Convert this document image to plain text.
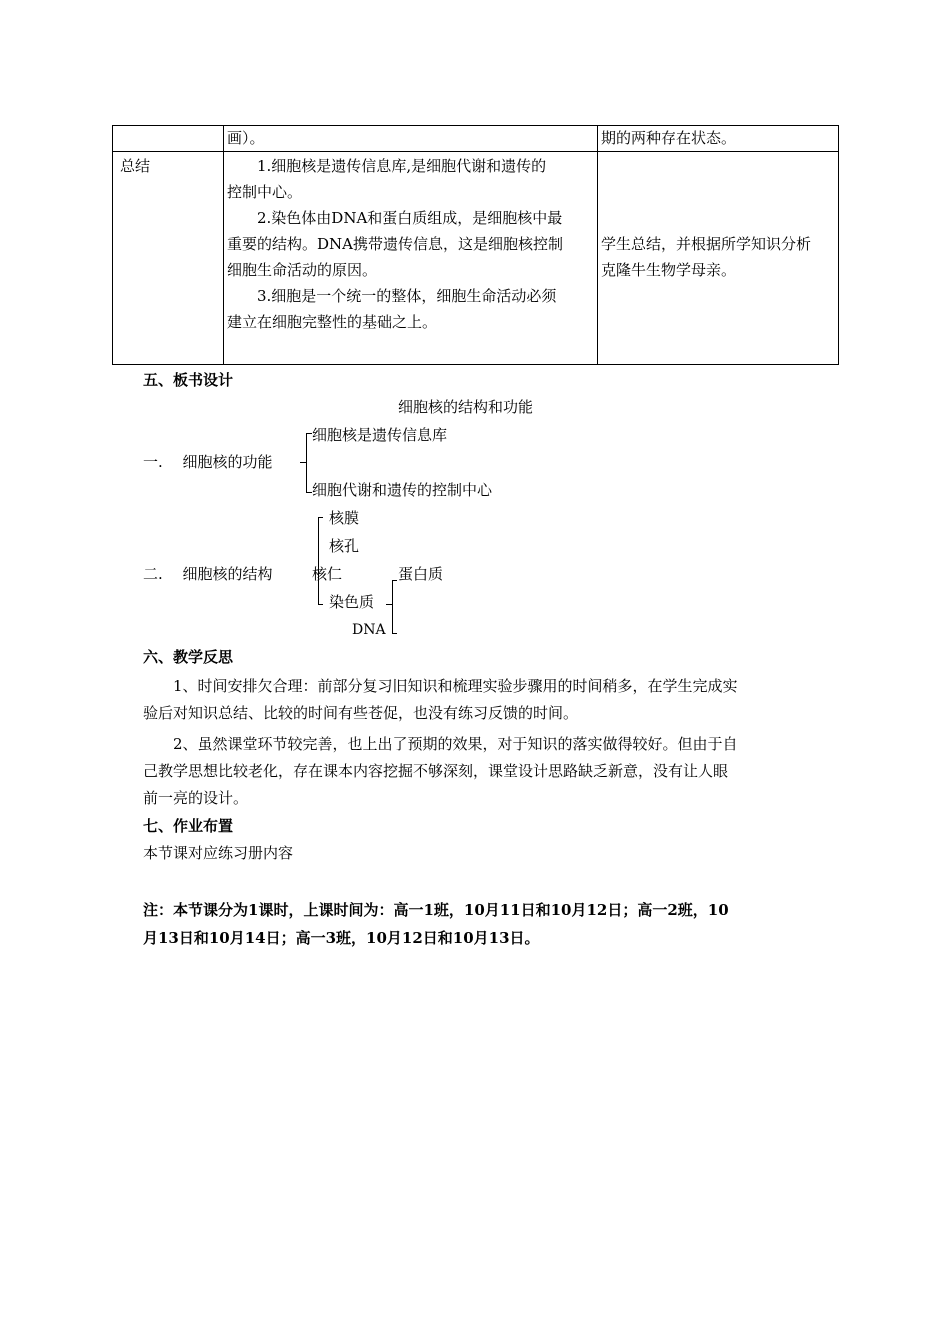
画）。	期的两种存在状态。
总结	　　1.细胞核是遗传信息库,是细胞代谢和遗传的
控制中心。
　　2.染色体由DNA和蛋白质组成，是细胞核中最
重要的结构。DNA携带遗传信息，这是细胞核控制
细胞生命活动的原因。
　　3.细胞是一个统一的整体，细胞生命活动必须
建立在细胞完整性的基础之上。
学生总结，并根据所学知识分析
克隆牛生物学母亲。
五、板书设计
细胞核的结构和功能
一.　 细胞核的功能
细胞核是遗传信息库
细胞代谢和遗传的控制中心
二.　 细胞核的结构
核膜
核孔
核仁
染色质
蛋白质
DNA
六、教学反思
　　1、时间安排欠合理：前部分复习旧知识和梳理实验步骤用的时间稍多，在学生完成实
验后对知识总结、比较的时间有些苍促，也没有练习反馈的时间。
　　2、虽然课堂环节较完善，也上出了预期的效果，对于知识的落实做得较好。但由于自
己教学思想比较老化，存在课本内容挖掘不够深刻，课堂设计思路缺乏新意，没有让人眼
前一亮的设计。
七、作业布置
本节课对应练习册内容
注：本节课分为1课时，上课时间为：高一1班，10月11日和10月12日；高一2班，10
月13日和10月14日；高一3班，10月12日和10月13日。
